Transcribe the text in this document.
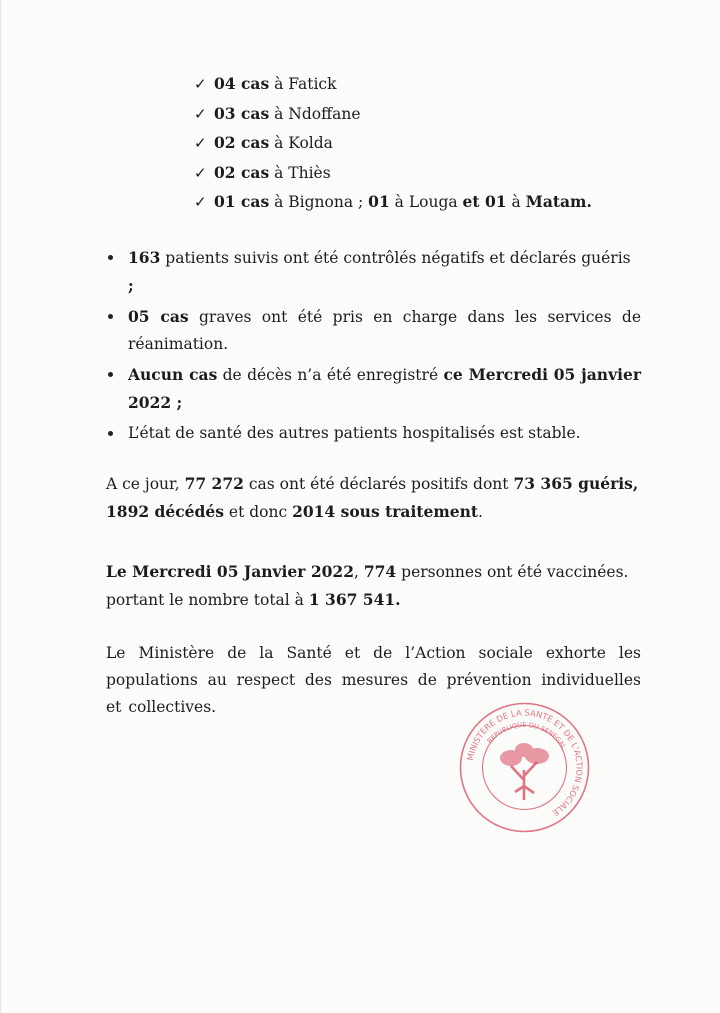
✓ 04 cas à Fatick
✓ 03 cas à Ndoffane
✓ 02 cas à Kolda
✓ 02 cas à Thiès
✓ 01 cas à Bignona ; 01 à Louga et 01 à Matam.
163 patients suivis ont été contrôlés négatifs et déclarés guéris ;
05 cas graves ont été pris en charge dans les services de réanimation.
Aucun cas de décès n’a été enregistré ce Mercredi 05 janvier 2022 ;
L’état de santé des autres patients hospitalisés est stable.

A ce jour, 77 272 cas ont été déclarés positifs dont 73 365 guéris, 1892 décédés et donc 2014 sous traitement.

Le Mercredi 05 Janvier 2022, 774 personnes ont été vaccinées. portant le nombre total à 1 367 541.

Le Ministère de la Santé et de l’Action sociale exhorte les populations au respect des mesures de prévention individuelles et collectives.

MINISTERE DE LA SANTE ET DE L'ACTION SOCIALE
REPUBLIQUE DU SENEGAL
